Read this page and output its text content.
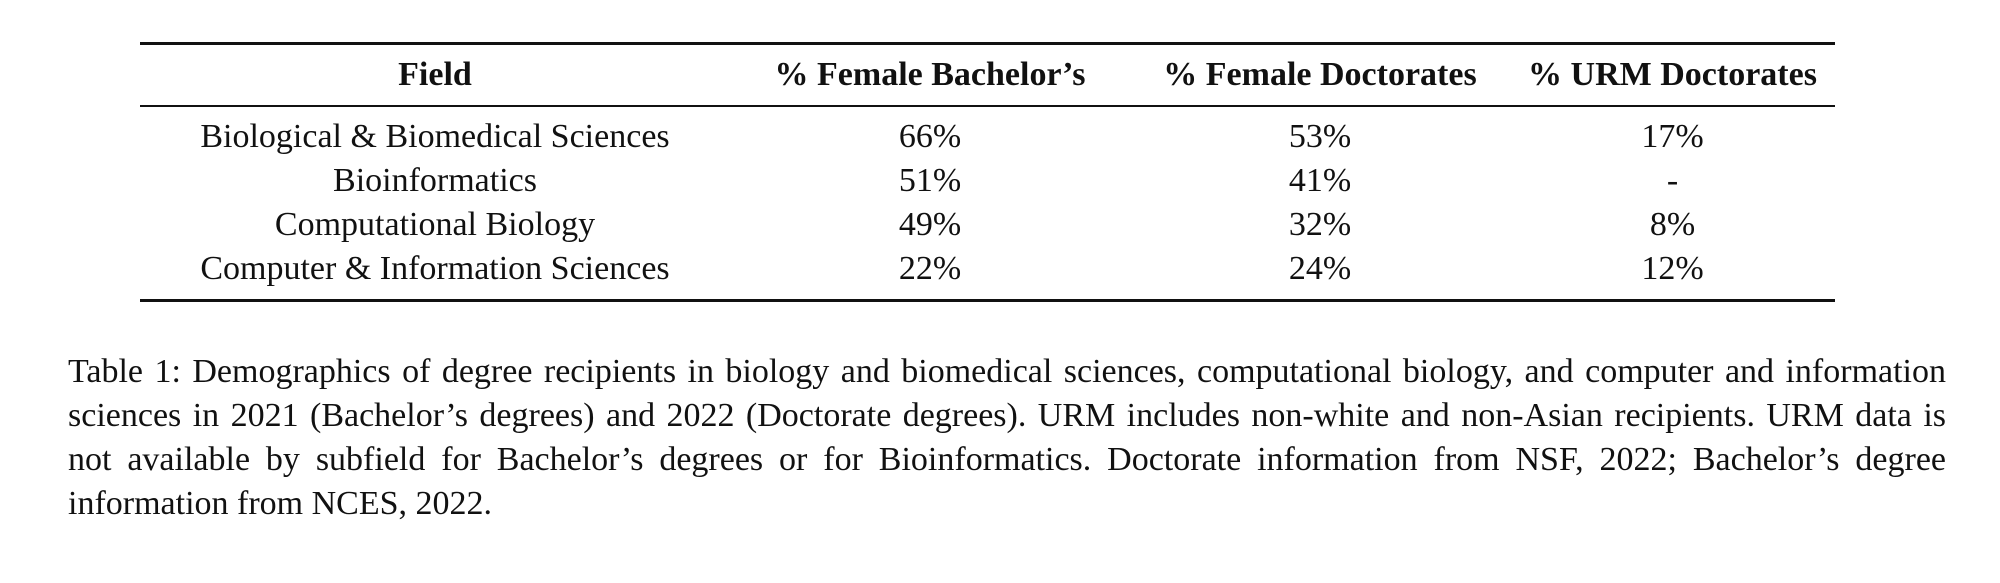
Field	% Female Bachelor’s	% Female Doctorates	% URM Doctorates
Biological & Biomedical Sciences	66%	53%	17%
Bioinformatics	51%	41%	-
Computational Biology	49%	32%	8%
Computer & Information Sciences	22%	24%	12%

Table 1: Demographics of degree recipients in biology and biomedical sciences, computational biology, and computer and information sciences in 2021 (Bachelor’s degrees) and 2022 (Doctorate degrees). URM includes non-white and non-Asian recipients. URM data is not available by subfield for Bachelor’s degrees or for Bioinformatics. Doctorate information from NSF, 2022; Bachelor’s degree information from NCES, 2022.
